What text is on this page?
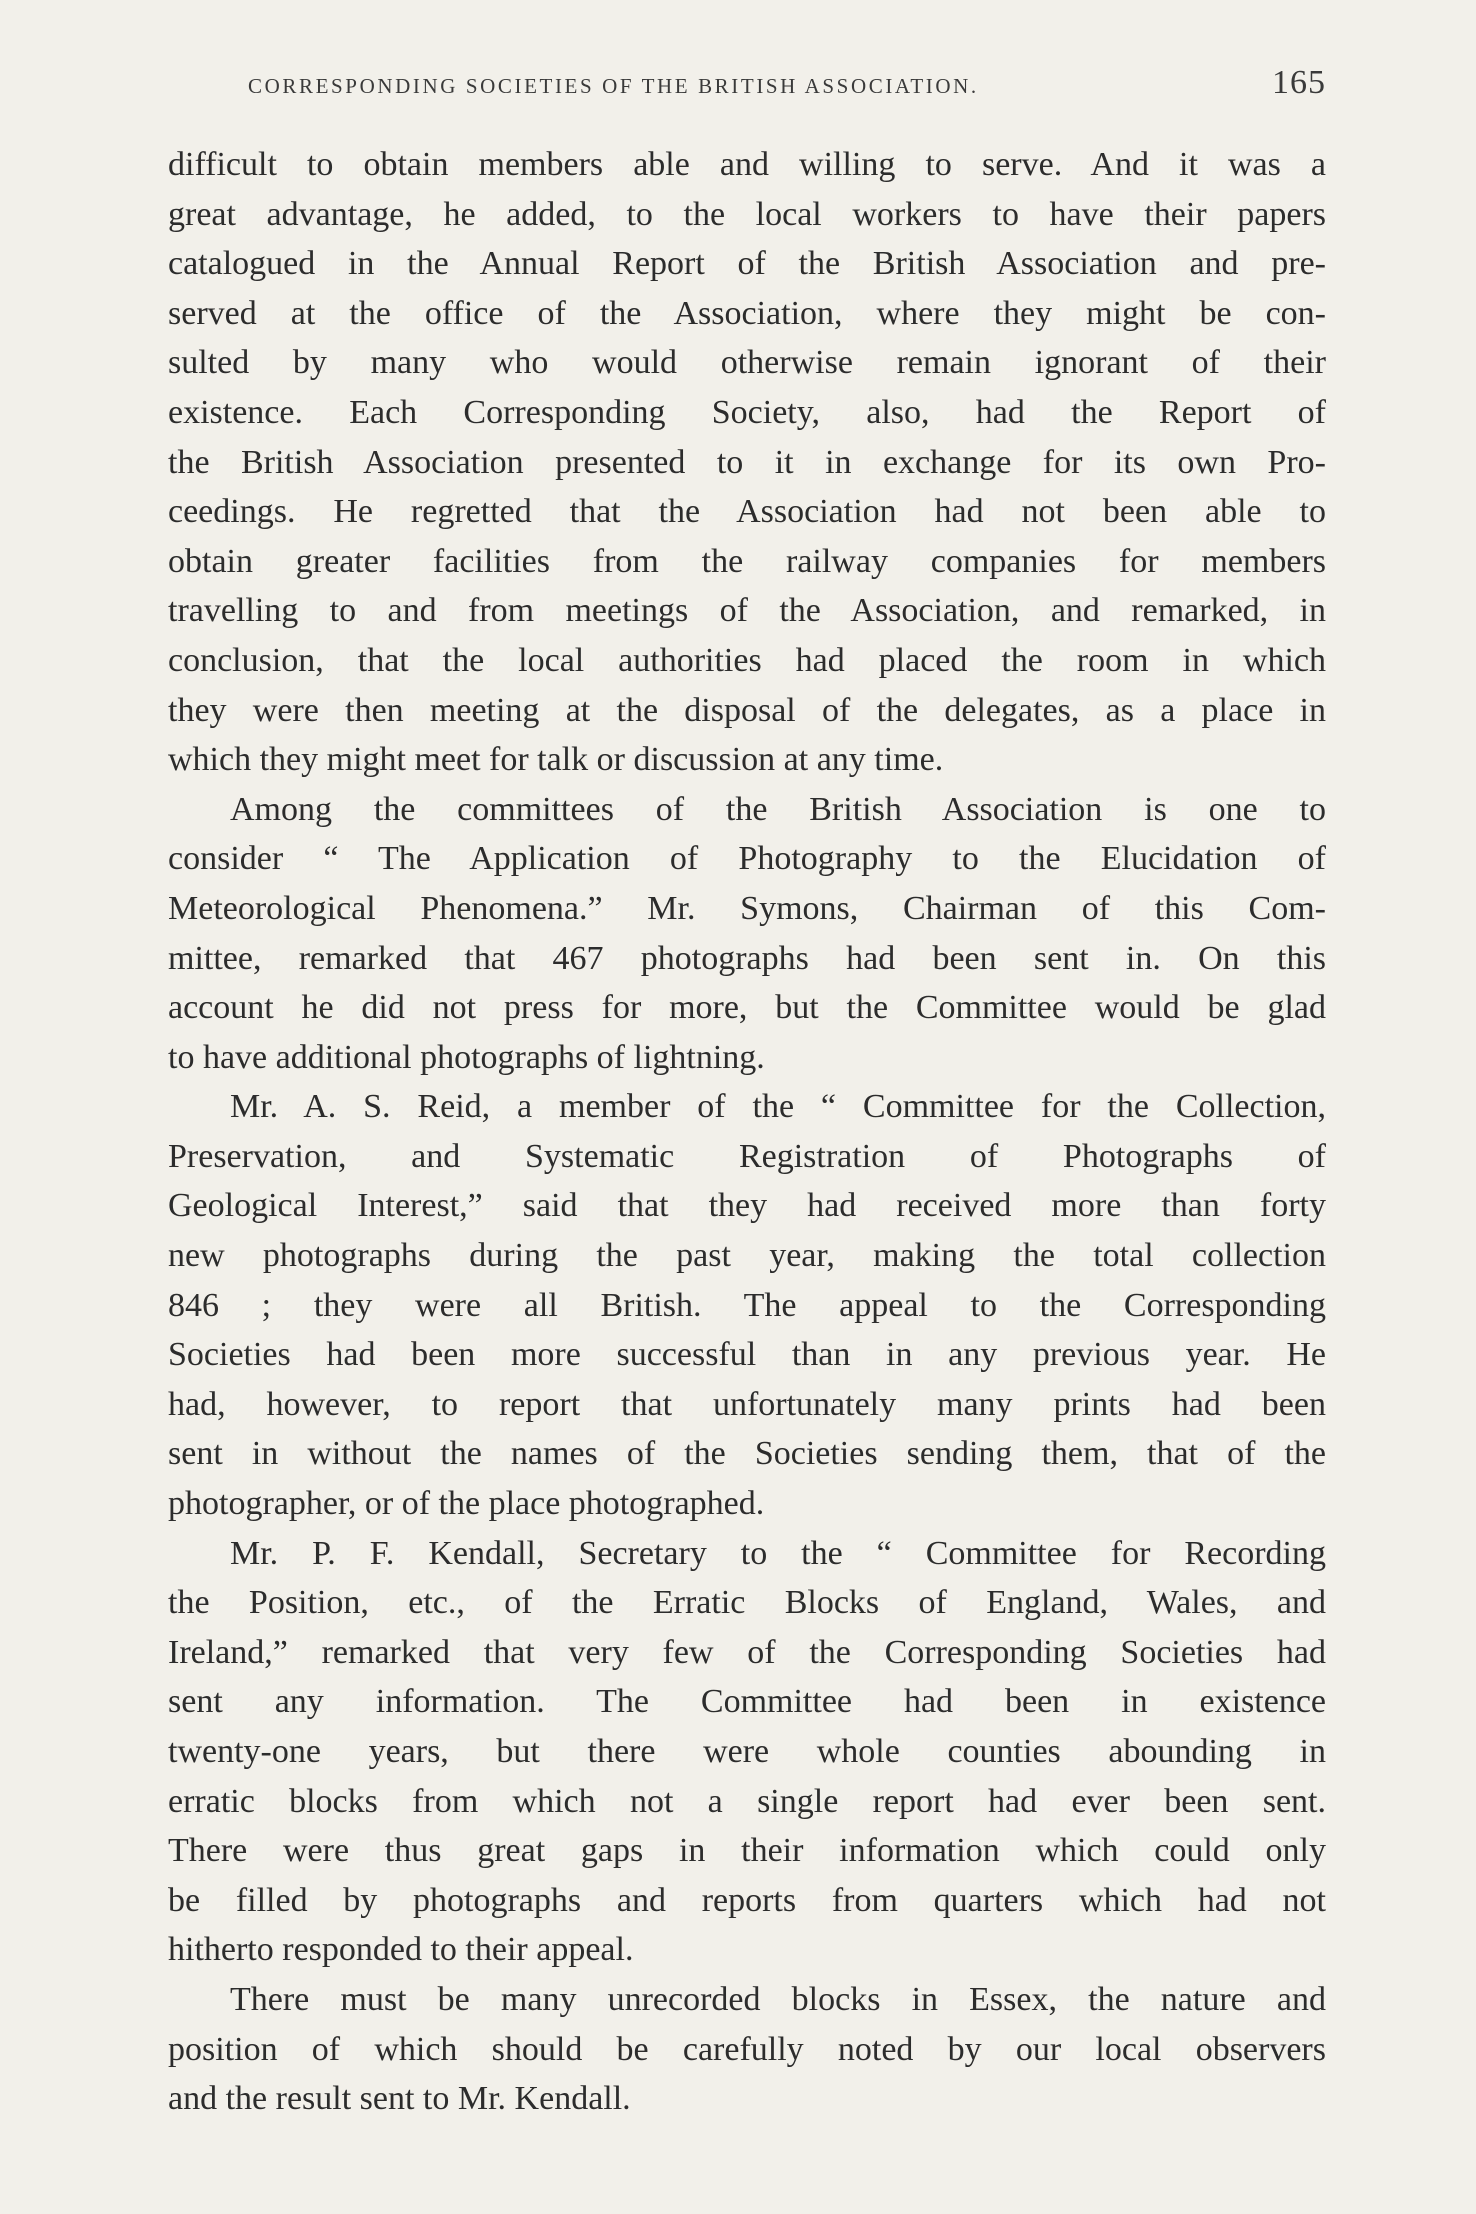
CORRESPONDING SOCIETIES OF THE BRITISH ASSOCIATION.	165
difficult to obtain members able and willing to serve. And it was a
great advantage, he added, to the local workers to have their papers
catalogued in the Annual Report of the British Association and pre-
served at the office of the Association, where they might be con-
sulted by many who would otherwise remain ignorant of their
existence. Each Corresponding Society, also, had the Report of
the British Association presented to it in exchange for its own Pro-
ceedings. He regretted that the Association had not been able to
obtain greater facilities from the railway companies for members
travelling to and from meetings of the Association, and remarked, in
conclusion, that the local authorities had placed the room in which
they were then meeting at the disposal of the delegates, as a place in
which they might meet for talk or discussion at any time.
Among the committees of the British Association is one to
consider “ The Application of Photography to the Elucidation of
Meteorological Phenomena.” Mr. Symons, Chairman of this Com-
mittee, remarked that 467 photographs had been sent in. On this
account he did not press for more, but the Committee would be glad
to have additional photographs of lightning.
Mr. A. S. Reid, a member of the “ Committee for the Collection,
Preservation, and Systematic Registration of Photographs of
Geological Interest,” said that they had received more than forty
new photographs during the past year, making the total collection
846 ; they were all British. The appeal to the Corresponding
Societies had been more successful than in any previous year. He
had, however, to report that unfortunately many prints had been
sent in without the names of the Societies sending them, that of the
photographer, or of the place photographed.
Mr. P. F. Kendall, Secretary to the “ Committee for Recording
the Position, etc., of the Erratic Blocks of England, Wales, and
Ireland,” remarked that very few of the Corresponding Societies had
sent any information. The Committee had been in existence
twenty-one years, but there were whole counties abounding in
erratic blocks from which not a single report had ever been sent.
There were thus great gaps in their information which could only
be filled by photographs and reports from quarters which had not
hitherto responded to their appeal.
There must be many unrecorded blocks in Essex, the nature and
position of which should be carefully noted by our local observers
and the result sent to Mr. Kendall.
